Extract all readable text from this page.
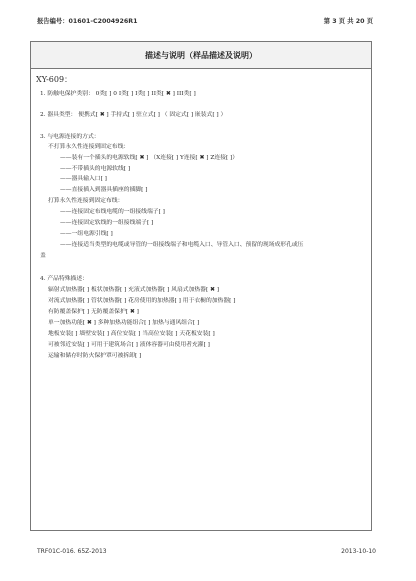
报告编号：01601-C2004926R1	第 3 页 共 20 页
描述与说明（样品描述及说明）
XY-609：
1. 防触电保护类别： 0类[ ] 0 I类[ ] I类[ ] II类[ ✖ ] III类[ ]
2. 器具类型： 便携式[ ✖ ] 手持式[ ] 驻立式[ ] （ 固定式[ ] 嵌装式[ ] ）
3. 与电源连接的方式：
不打算永久性连接到固定布线：
——装有一个插头的电源软线[ ✖ ] （X连接[ ] Y连接[ ✖ ] Z连接[ ]）
——不带插头的电源软线[ ]
——器具输入口[ ]
——直接插入到器具插座的插脚[ ]
打算永久性连接到固定布线：
——连接固定布线电缆的一组接线端子[ ]
——连接固定软线的一组接线端子[ ]
——一组电源引线[ ]
——连接适当类型的电缆或导管的一组接线端子和电缆入口、导管入口、预留的现场成形孔或压
盖
4. 产品特殊描述：
辐射式加热器[ ] 板状加热器[ ] 充液式加热器[ ] 风扇式加热器[ ✖ ]
对流式加热器[ ] 管状加热器[ ] 花房使用的加热器[ ] 用于衣橱的加热器[ ]
有防覆盖保护[ ] 无防覆盖保护[ ✖ ]
单一加热功能[ ✖ ] 多种加热功能组合[ ] 加热与通风组合[ ]
地板安装[ ] 墙壁安装[ ] 高位安装[ ] 当高位安装[ ] 天花板安装[ ]
可被邻近安装[ ] 可用于建筑场合[ ] 液体容器可由使用者充灌[ ]
运输和储存时防火保护罩可被拆卸[ ]
TRF01C-016. 65Z-2013	2013-10-10
